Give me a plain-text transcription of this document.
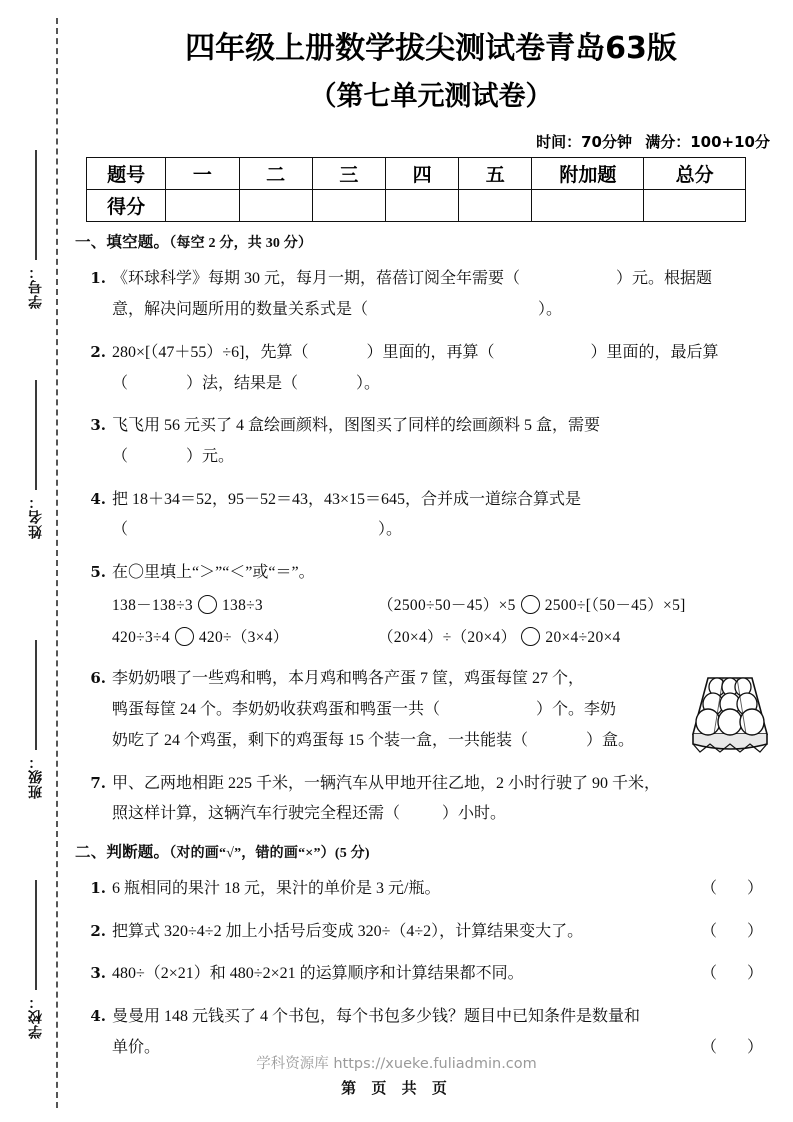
学号：
姓名：
班级：
学校：
四年级上册数学拔尖测试卷青岛63版
（第七单元测试卷）
时间：70分钟 满分：100+10分
题号	一	二	三	四	五	附加题	总分
得分							
一、填空题。（每空 2 分，共 30 分）
1. 《环球科学》每期 30 元，每月一期，蓓蓓订阅全年需要（	）元。根据题
意，解决问题所用的数量关系式是（	）。
2. 280×[（47＋55）÷6]，先算（	）里面的，再算（	）里面的，最后算
（	）法，结果是（	）。
3. 飞飞用 56 元买了 4 盒绘画颜料，图图买了同样的绘画颜料 5 盒，需要
（	）元。
4. 把 18＋34＝52，95－52＝43，43×15＝645，合并成一道综合算式是
（	）。
5. 在〇里填上“＞”“＜”或“＝”。
138－138÷3 138÷3	（2500÷50－45）×5 2500÷[（50－45）×5]
420÷3÷4 420÷（3×4）	（20×4）÷（20×4） 20×4÷20×4
6. 李奶奶喂了一些鸡和鸭，本月鸡和鸭各产蛋 7 筐，鸡蛋每筐 27 个，
鸭蛋每筐 24 个。李奶奶收获鸡蛋和鸭蛋一共（	）个。李奶
奶吃了 24 个鸡蛋，剩下的鸡蛋每 15 个装一盒，一共能装（	）盒。
7. 甲、乙两地相距 225 千米，一辆汽车从甲地开往乙地，2 小时行驶了 90 千米，
照这样计算，这辆汽车行驶完全程还需（	）小时。
二、判断题。（对的画“√”，错的画“×”）(5 分)
1.	（ ）
6 瓶相同的果汁 18 元，果汁的单价是 3 元/瓶。
2.	（ ）
把算式 320÷4÷2 加上小括号后变成 320÷（4÷2），计算结果变大了。
3.	（ ）
480÷（2×21）和 480÷2×21 的运算顺序和计算结果都不同。
4. 曼曼用 148 元钱买了 4 个书包，每个书包多少钱？题目中已知条件是数量和
（ ）
单价。
学科资源库 https://xueke.fuliadmin.com
第 页 共 页
